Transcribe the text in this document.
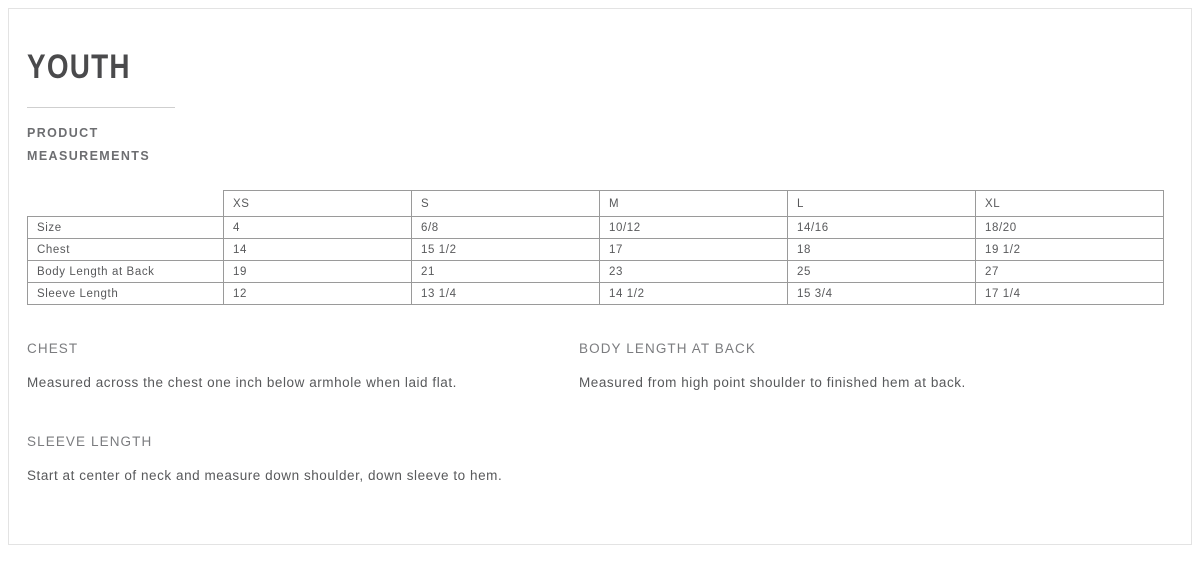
YOUTH
PRODUCT
MEASUREMENTS
	XS	S	M	L	XL
Size	4	6/8	10/12	14/16	18/20
Chest	14	15 1/2	17	18	19 1/2
Body Length at Back	19	21	23	25	27
Sleeve Length	12	13 1/4	14 1/2	15 3/4	17 1/4
CHEST
Measured across the chest one inch below armhole when laid flat.
BODY LENGTH AT BACK
Measured from high point shoulder to finished hem at back.
SLEEVE LENGTH
Start at center of neck and measure down shoulder, down sleeve to hem.
